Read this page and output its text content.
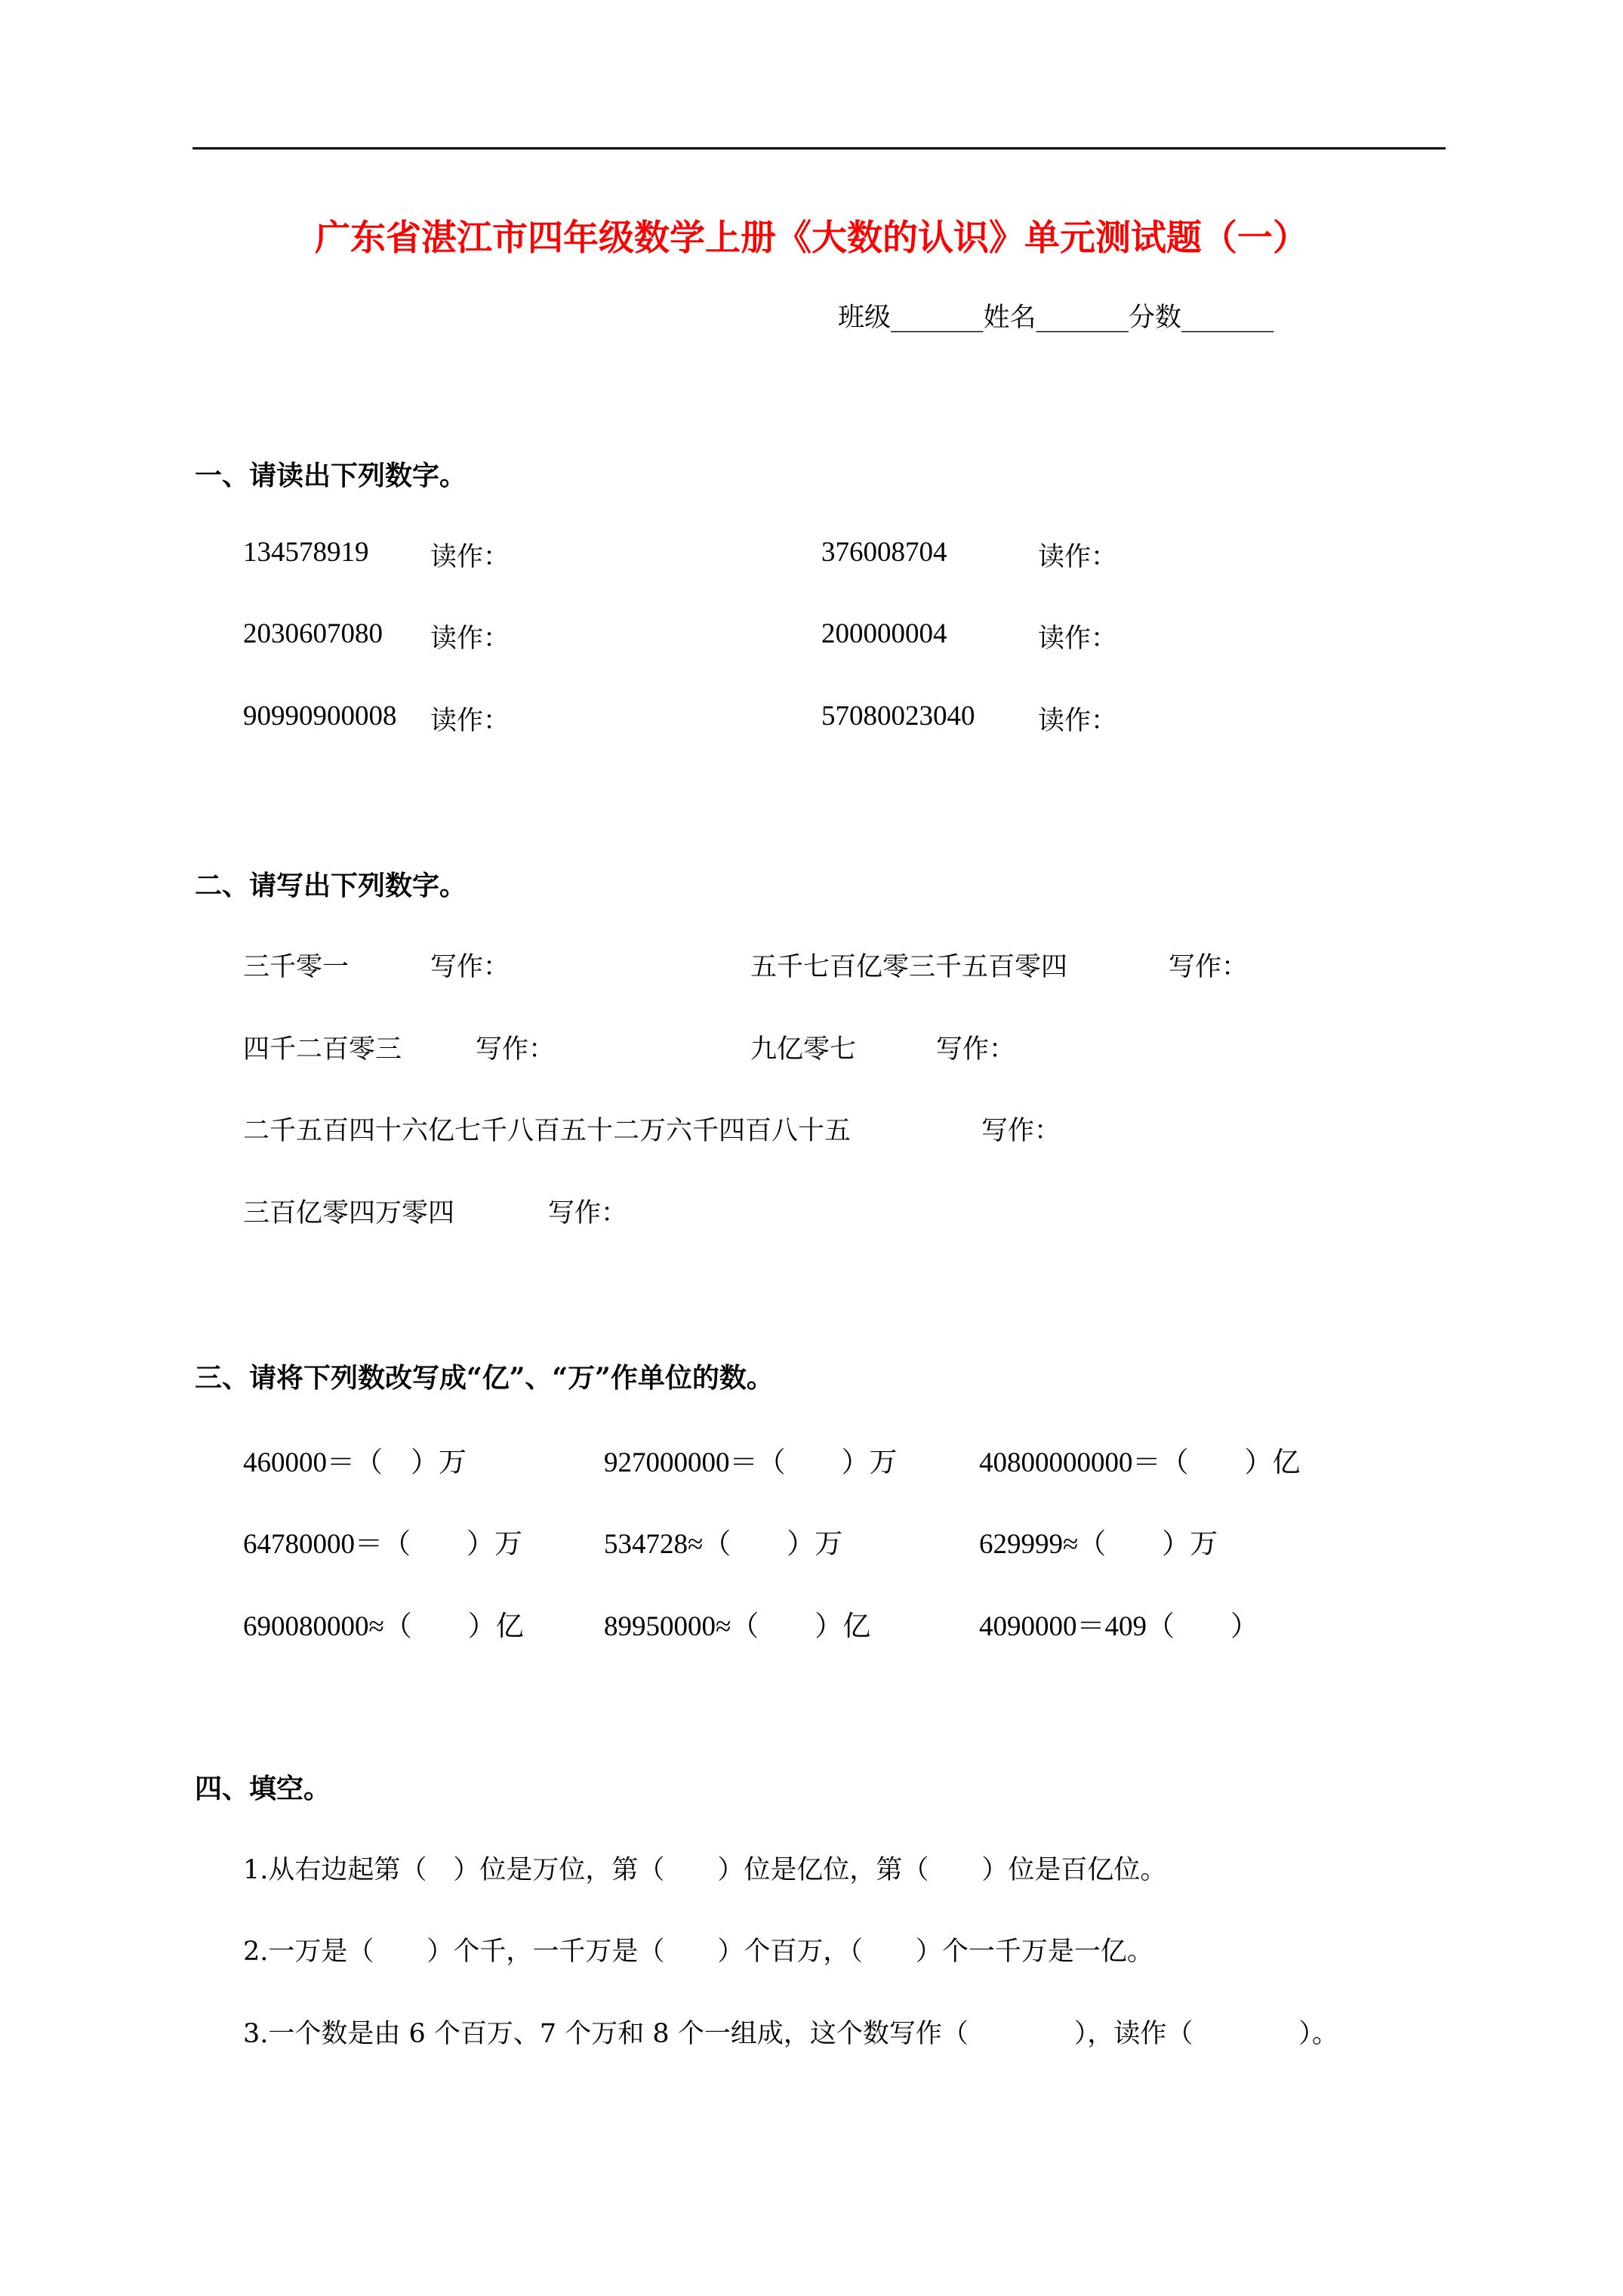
广东省湛江市四年级数学上册《大数的认识》单元测试题（一）
班级_______姓名_______分数_______
一、请读出下列数字。
134578919 读作：	376008704	读作：
2030607080 读作：	200000004	读作：
90990900008 读作：	57080023040 读作：
二、请写出下列数字。
三千零一	写作：	五千七百亿零三千五百零四	写作：
四千二百零三	写作：	九亿零七	写作：
二千五百四十六亿七千八百五十二万六千四百八十五	写作：
三百亿零四万零四	写作：
三、请将下列数改写成“亿”、“万”作单位的数。
460000＝（　）万	927000000＝（　　）万	40800000000＝（　　）亿
64780000＝（　　）万	534728≈（　　）万	629999≈（　　）万
690080000≈（　　）亿	89950000≈（　　）亿	4090000＝409（　　）
四、填空。
1.从右边起第（　）位是万位，第（　　）位是亿位，第（　　）位是百亿位。
2.一万是（　　）个千，一千万是（　　）个百万，（　　）个一千万是一亿。
3.一个数是由 6 个百万、7 个万和 8 个一组成，这个数写作（　　　　），读作（　　　　）。
